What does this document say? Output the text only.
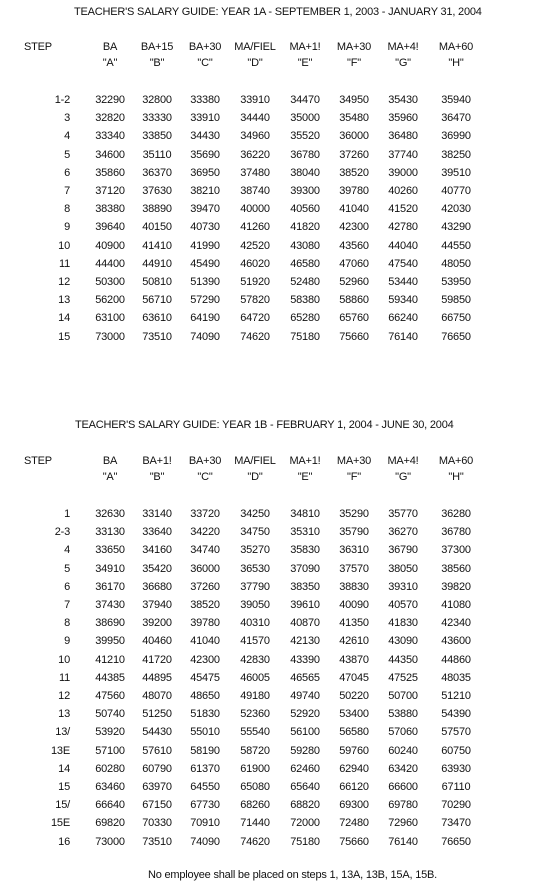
TEACHER'S SALARY GUIDE: YEAR 1A - SEPTEMBER 1, 2003 - JANUARY 31, 2004
STEP	BA	BA+15	BA+30	MA/FIEL	MA+1!	MA+30	MA+4!	MA+60
"A"	"B"	"C"	"D"	"E"	"F"	"G"	"H"
1-2	32290	32800	33380	33910	34470	34950	35430	35940
3	32820	33330	33910	34440	35000	35480	35960	36470
4	33340	33850	34430	34960	35520	36000	36480	36990
5	34600	35110	35690	36220	36780	37260	37740	38250
6	35860	36370	36950	37480	38040	38520	39000	39510
7	37120	37630	38210	38740	39300	39780	40260	40770
8	38380	38890	39470	40000	40560	41040	41520	42030
9	39640	40150	40730	41260	41820	42300	42780	43290
10	40900	41410	41990	42520	43080	43560	44040	44550
11	44400	44910	45490	46020	46580	47060	47540	48050
12	50300	50810	51390	51920	52480	52960	53440	53950
13	56200	56710	57290	57820	58380	58860	59340	59850
14	63100	63610	64190	64720	65280	65760	66240	66750
15	73000	73510	74090	74620	75180	75660	76140	76650
TEACHER'S SALARY GUIDE: YEAR 1B - FEBRUARY 1, 2004 - JUNE 30, 2004
STEP	BA	BA+1!	BA+30	MA/FIEL	MA+1!	MA+30	MA+4!	MA+60
"A"	"B"	"C"	"D"	"E"	"F"	"G"	"H"
1	32630	33140	33720	34250	34810	35290	35770	36280
2-3	33130	33640	34220	34750	35310	35790	36270	36780
4	33650	34160	34740	35270	35830	36310	36790	37300
5	34910	35420	36000	36530	37090	37570	38050	38560
6	36170	36680	37260	37790	38350	38830	39310	39820
7	37430	37940	38520	39050	39610	40090	40570	41080
8	38690	39200	39780	40310	40870	41350	41830	42340
9	39950	40460	41040	41570	42130	42610	43090	43600
10	41210	41720	42300	42830	43390	43870	44350	44860
11	44385	44895	45475	46005	46565	47045	47525	48035
12	47560	48070	48650	49180	49740	50220	50700	51210
13	50740	51250	51830	52360	52920	53400	53880	54390
13/	53920	54430	55010	55540	56100	56580	57060	57570
13E	57100	57610	58190	58720	59280	59760	60240	60750
14	60280	60790	61370	61900	62460	62940	63420	63930
15	63460	63970	64550	65080	65640	66120	66600	67110
15/	66640	67150	67730	68260	68820	69300	69780	70290
15E	69820	70330	70910	71440	72000	72480	72960	73470
16	73000	73510	74090	74620	75180	75660	76140	76650
No employee shall be placed on steps 1, 13A, 13B, 15A, 15B.
